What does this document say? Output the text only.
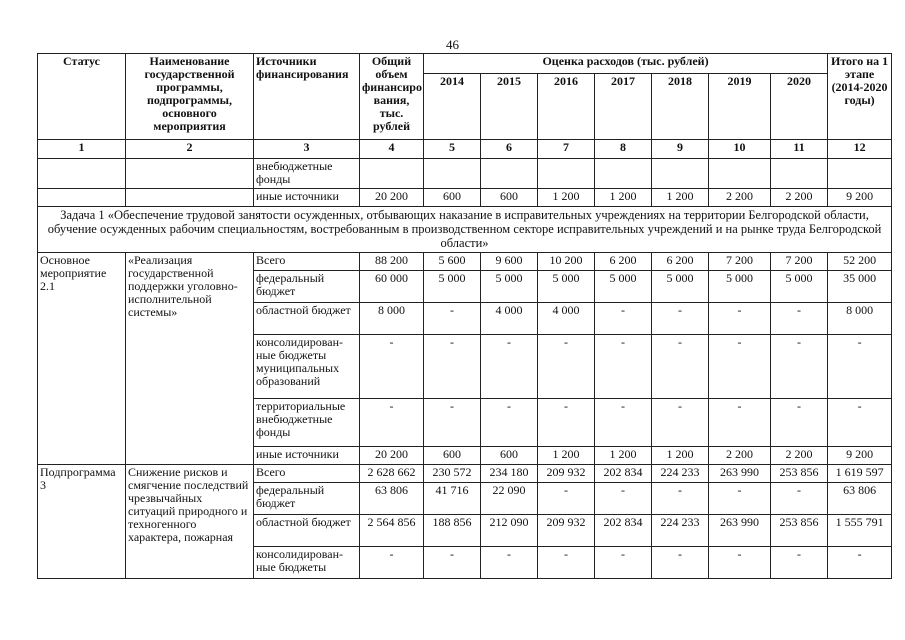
46
Статус	Наименование государственной программы, подпрограммы, основного мероприятия	Источники финансирования	Общий объем финансиро вания, тыс. рублей	Оценка расходов (тыс. рублей)							Итого на 1 этапе (2014-2020 годы)
				2014	2015	2016	2017	2018	2019	2020	
1	2	3	4	5	6	7	8	9	10	11	12
		внебюджетные фонды									
		иные источники	20 200	600	600	1 200	1 200	1 200	2 200	2 200	9 200
Задача 1 «Обеспечение трудовой занятости осужденных, отбывающих наказание в исправительных учреждениях на территории Белгородской области, обучение осужденных рабочим специальностям, востребованным в производственном секторе исправительных учреждений и на рынке труда Белгородской области»											
Основное мероприятие 2.1	«Реализация государственной поддержки уголовно-исполнительной системы»	Всего	88 200	5 600	9 600	10 200	6 200	6 200	7 200	7 200	52 200
		федеральный бюджет	60 000	5 000	5 000	5 000	5 000	5 000	5 000	5 000	35 000
		областной бюджет	8 000	-	4 000	4 000	-	-	-	-	8 000
		консолидирован-ные бюджеты муниципальных образований	-	-	-	-	-	-	-	-	-
		территориальные внебюджетные фонды	-	-	-	-	-	-	-	-	-
		иные источники	20 200	600	600	1 200	1 200	1 200	2 200	2 200	9 200
Подпрограмма 3	Снижение рисков и смягчение последствий чрезвычайных ситуаций природного и техногенного характера, пожарная	Всего	2 628 662	230 572	234 180	209 932	202 834	224 233	263 990	253 856	1 619 597
		федеральный бюджет	63 806	41 716	22 090	-	-	-	-	-	63 806
		областной бюджет	2 564 856	188 856	212 090	209 932	202 834	224 233	263 990	253 856	1 555 791
		консолидирован-ные бюджеты	-	-	-	-	-	-	-	-	-
